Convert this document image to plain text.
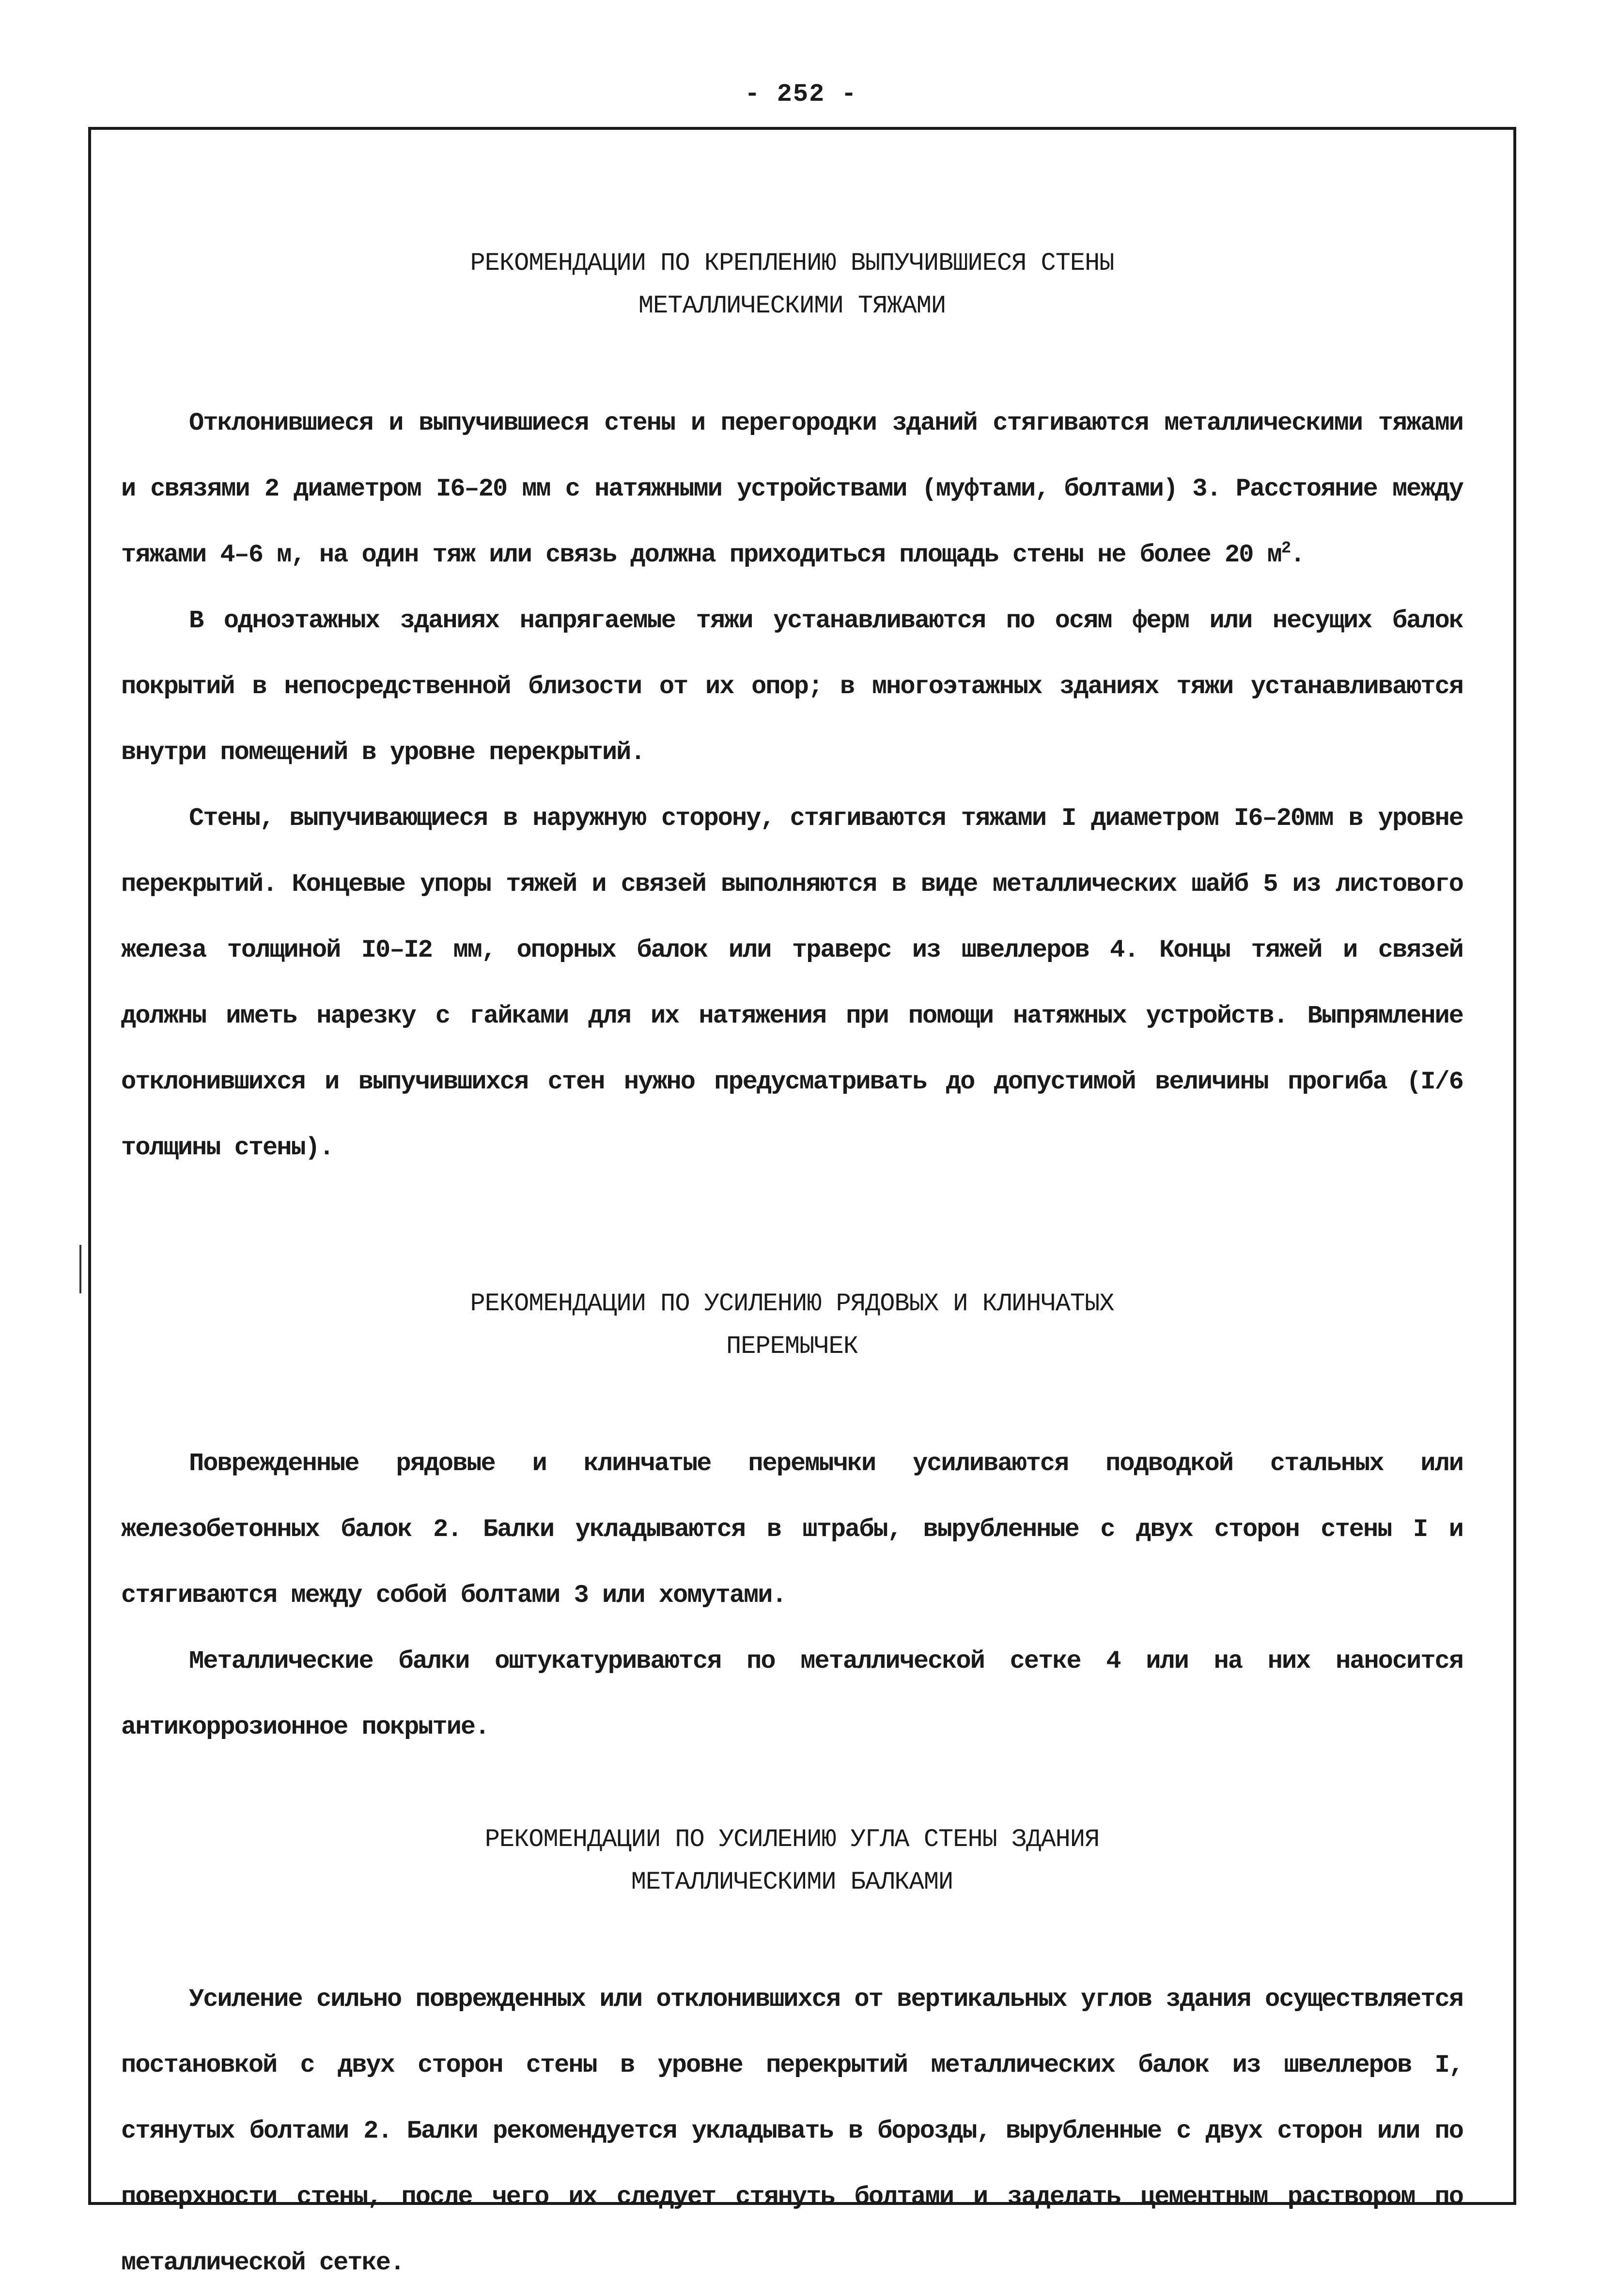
- 252 -
РЕКОМЕНДАЦИИ ПО КРЕПЛЕНИЮ ВЫПУЧИВШИЕСЯ СТЕНЫ
МЕТАЛЛИЧЕСКИМИ ТЯЖАМИ

Отклонившиеся и выпучившиеся стены и перегородки зданий стягиваются металлическими тяжами и связями 2 диаметром I6–20 мм с натяжными устройствами (муфтами, болтами) 3. Расстояние между тяжами 4–6 м, на один тяж или связь должна приходиться площадь стены не более 20 $м^2$.

В одноэтажных зданиях напрягаемые тяжи устанавливаются по осям ферм или несущих балок покрытий в непосредственной близости от их опор; в многоэтажных зданиях тяжи устанавливаются внутри помещений в уровне перекрытий.

Стены, выпучивающиеся в наружную сторону, стягиваются тяжами I диаметром I6–20мм в уровне перекрытий. Концевые упоры тяжей и связей выполняются в виде металлических шайб 5 из листового железа толщиной I0–I2 мм, опорных балок или траверс из швеллеров 4. Концы тяжей и связей должны иметь нарезку с гайками для их натяжения при помощи натяжных устройств. Выпрямление отклонившихся и выпучившихся стен нужно предусматривать до допустимой величины прогиба (I/6 толщины стены).

РЕКОМЕНДАЦИИ ПО УСИЛЕНИЮ РЯДОВЫХ И КЛИНЧАТЫХ
ПЕРЕМЫЧЕК

Поврежденные рядовые и клинчатые перемычки усиливаются подводкой стальных или железобетонных балок 2. Балки укладываются в штрабы, вырубленные с двух сторон стены I и стягиваются между собой болтами 3 или хомутами.

Металлические балки оштукатуриваются по металлической сетке 4 или на них наносится антикоррозионное покрытие.

РЕКОМЕНДАЦИИ ПО УСИЛЕНИЮ УГЛА СТЕНЫ ЗДАНИЯ
МЕТАЛЛИЧЕСКИМИ БАЛКАМИ

Усиление сильно поврежденных или отклонившихся от вертикальных углов здания осуществляется постановкой с двух сторон стены в уровне перекрытий металлических балок из швеллеров I, стянутых болтами 2. Балки рекомендуется укладывать в борозды, вырубленные с двух сторон или по поверхности стены, после чего их следует стянуть болтами и заделать цементным раствором по металлической сетке.
